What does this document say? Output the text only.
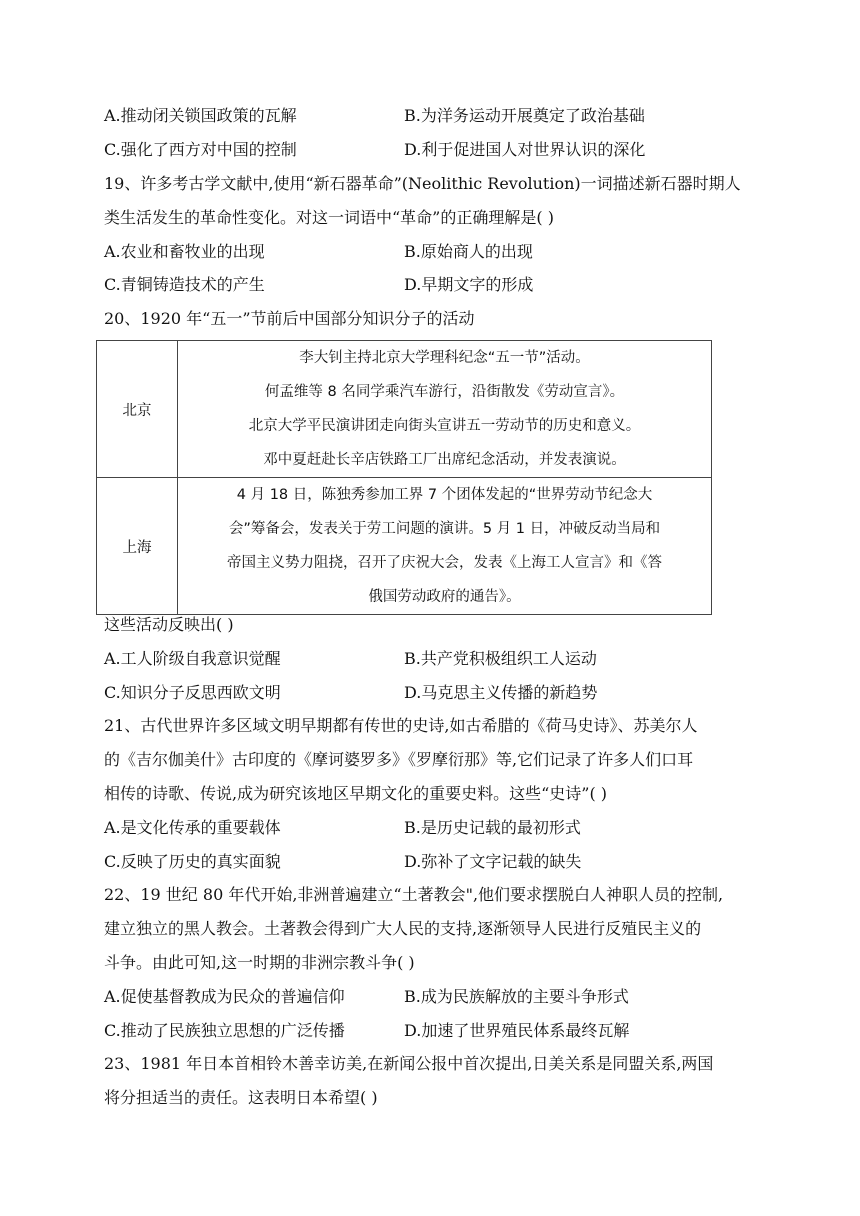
A.推动闭关锁国政策的瓦解	B.为洋务运动开展奠定了政治基础
C.强化了西方对中国的控制	D.利于促进国人对世界认识的深化
19、许多考古学文献中,使用“新石器革命”(Neolithic Revolution)一词描述新石器时期人
类生活发生的革命性变化。对这一词语中“革命”的正确理解是( )
A.农业和畜牧业的出现	B.原始商人的出现
C.青铜铸造技术的产生	D.早期文字的形成
20、1920 年“五一”节前后中国部分知识分子的活动
北京	李大钊主持北京大学理科纪念“五一节”活动。
何孟维等 8 名同学乘汽车游行，沿街散发《劳动宣言》。
北京大学平民演讲团走向街头宣讲五一劳动节的历史和意义。
邓中夏赶赴长辛店铁路工厂出席纪念活动，并发表演说。

上海	4 月 18 日，陈独秀参加工界 7 个团体发起的“世界劳动节纪念大
会”筹备会，发表关于劳工问题的演讲。5 月 1 日，冲破反动当局和
帝国主义势力阻挠，召开了庆祝大会，发表《上海工人宣言》和《答
俄国劳动政府的通告》。
这些活动反映出( )
A.工人阶级自我意识觉醒	B.共产党积极组织工人运动
C.知识分子反思西欧文明	D.马克思主义传播的新趋势
21、古代世界许多区域文明早期都有传世的史诗,如古希腊的《荷马史诗》、苏美尔人
的《吉尔伽美什》古印度的《摩诃婆罗多》《罗摩衍那》等,它们记录了许多人们口耳
相传的诗歌、传说,成为研究该地区早期文化的重要史料。这些“史诗”( )
A.是文化传承的重要载体	B.是历史记载的最初形式
C.反映了历史的真实面貌	D.弥补了文字记载的缺失
22、19 世纪 80 年代开始,非洲普遍建立“土著教会",他们要求摆脱白人神职人员的控制,
建立独立的黑人教会。土著教会得到广大人民的支持,逐渐领导人民进行反殖民主义的
斗争。由此可知,这一时期的非洲宗教斗争( )
A.促使基督教成为民众的普遍信仰	B.成为民族解放的主要斗争形式
C.推动了民族独立思想的广泛传播	D.加速了世界殖民体系最终瓦解
23、1981 年日本首相铃木善幸访美,在新闻公报中首次提出,日美关系是同盟关系,两国
将分担适当的责任。这表明日本希望( )
